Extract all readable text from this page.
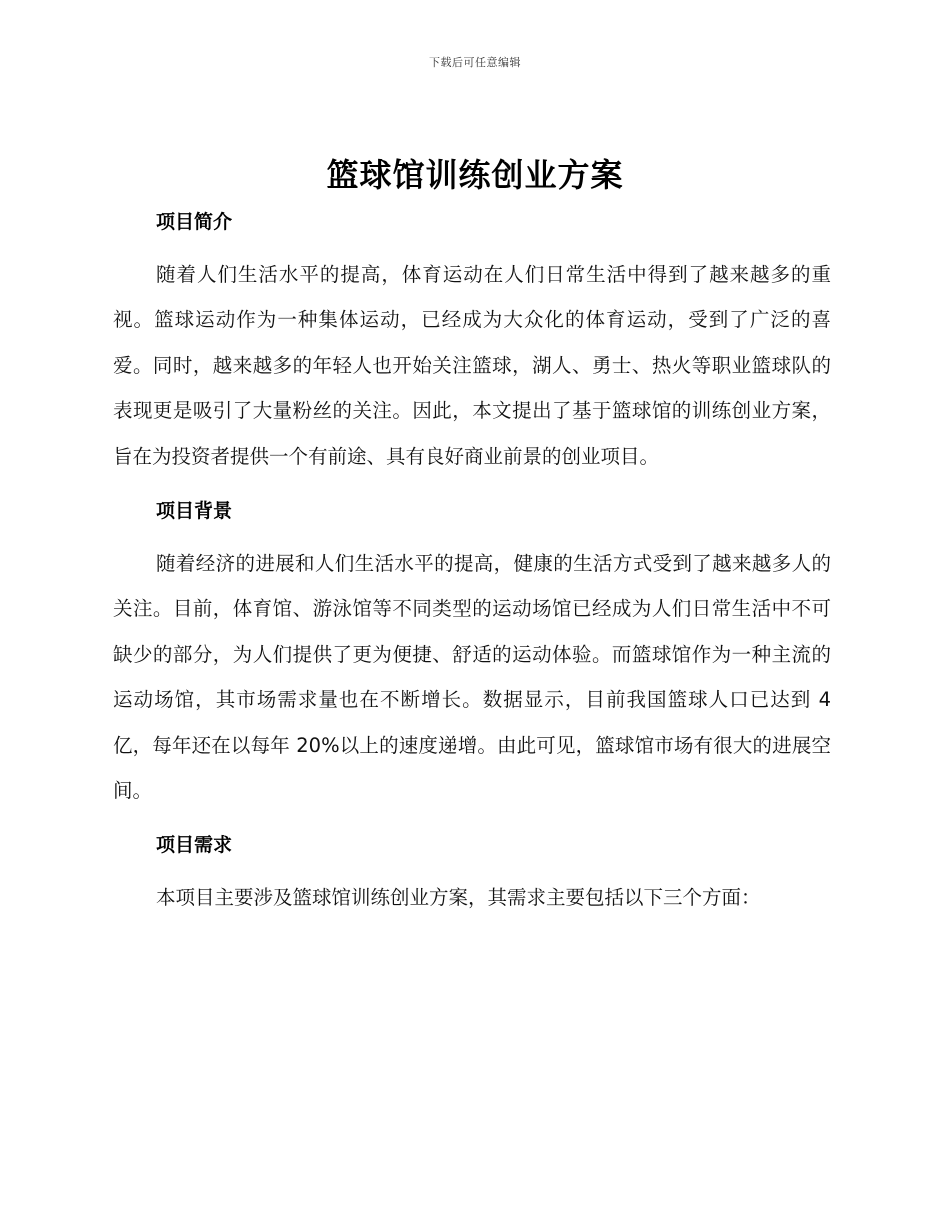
下载后可任意编辑
篮球馆训练创业方案
项目简介

随着人们生活水平的提高，体育运动在人们日常生活中得到了越来越多的重视。篮球运动作为一种集体运动，已经成为大众化的体育运动，受到了广泛的喜爱。同时，越来越多的年轻人也开始关注篮球，湖人、勇士、热火等职业篮球队的表现更是吸引了大量粉丝的关注。因此，本文提出了基于篮球馆的训练创业方案，旨在为投资者提供一个有前途、具有良好商业前景的创业项目。

项目背景

随着经济的进展和人们生活水平的提高，健康的生活方式受到了越来越多人的关注。目前，体育馆、游泳馆等不同类型的运动场馆已经成为人们日常生活中不可缺少的部分，为人们提供了更为便捷、舒适的运动体验。而篮球馆作为一种主流的运动场馆，其市场需求量也在不断增长。数据显示，目前我国篮球人口已达到 4 亿，每年还在以每年 20%以上的速度递增。由此可见，篮球馆市场有很大的进展空间。

项目需求

本项目主要涉及篮球馆训练创业方案，其需求主要包括以下三个方面：
